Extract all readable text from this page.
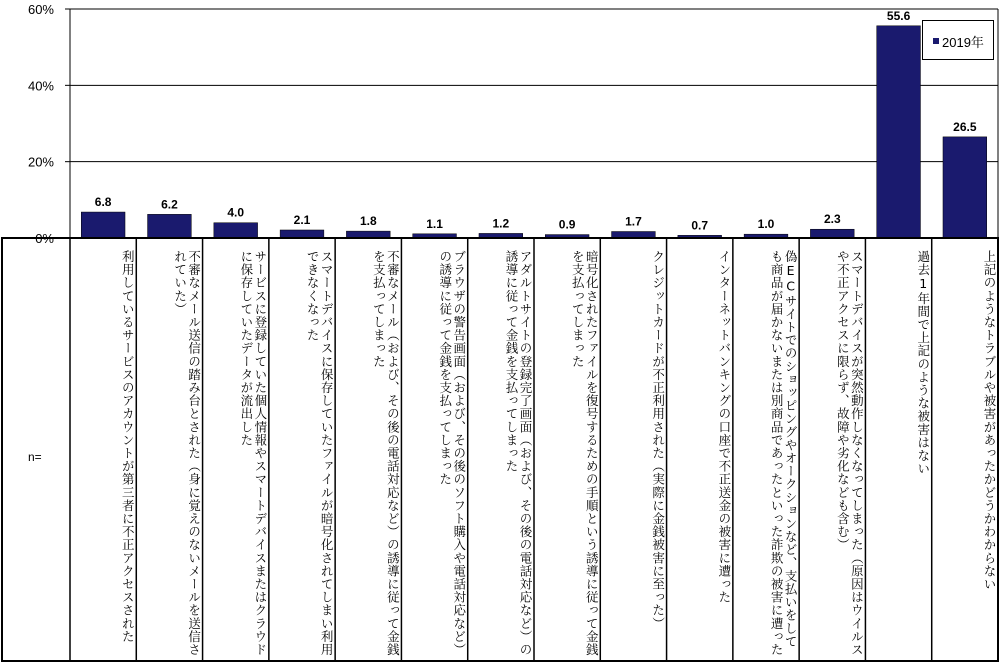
0%
20%
40%
60%
6.8	6.2
4.0
2.1	1.8	1.1	1.2	0.9	1.7	0.7	1.0	2.3
55.6
26.5
利用しているサービスのアカウントが第三者に不正アクセスされた	不審なメール送信の踏み台とされた（身に覚えのないメールを送信されていた）	サービスに登録していた個人情報やスマートデバイスまたはクラウドに保存していたデータが流出した	スマートデバイスに保存していたファイルが暗号化されてしまい利用できなくなった	不審なメール（および、その後の電話対応など）の誘導に従って金銭を支払ってしまった	ブラウザの警告画面（および、その後のソフト購入や電話対応など）の誘導に従って金銭を支払ってしまった	アダルトサイトの登録完了画面（および、その後の電話対応など）の誘導に従って金銭を支払ってしまった	暗号化されたファイルを復号するための手順という誘導に従って金銭を支払ってしまった	クレジットカードが不正利用された（実際に金銭被害に至った）	インターネットバンキングの口座で不正送金の被害に遭った	偽ECサイトでのショッピングやオークションなど、支払いをしても商品が届かないまたは別商品であったといった詐欺の被害に遭った	スマートデバイスが突然動作しなくなってしまった（原因はウイルスや不正アクセスに限らず、故障や劣化なども含む）	過去1年間で上記のような被害はない	上記のようなトラブルや被害があったかどうかわからない
n=
2019年
